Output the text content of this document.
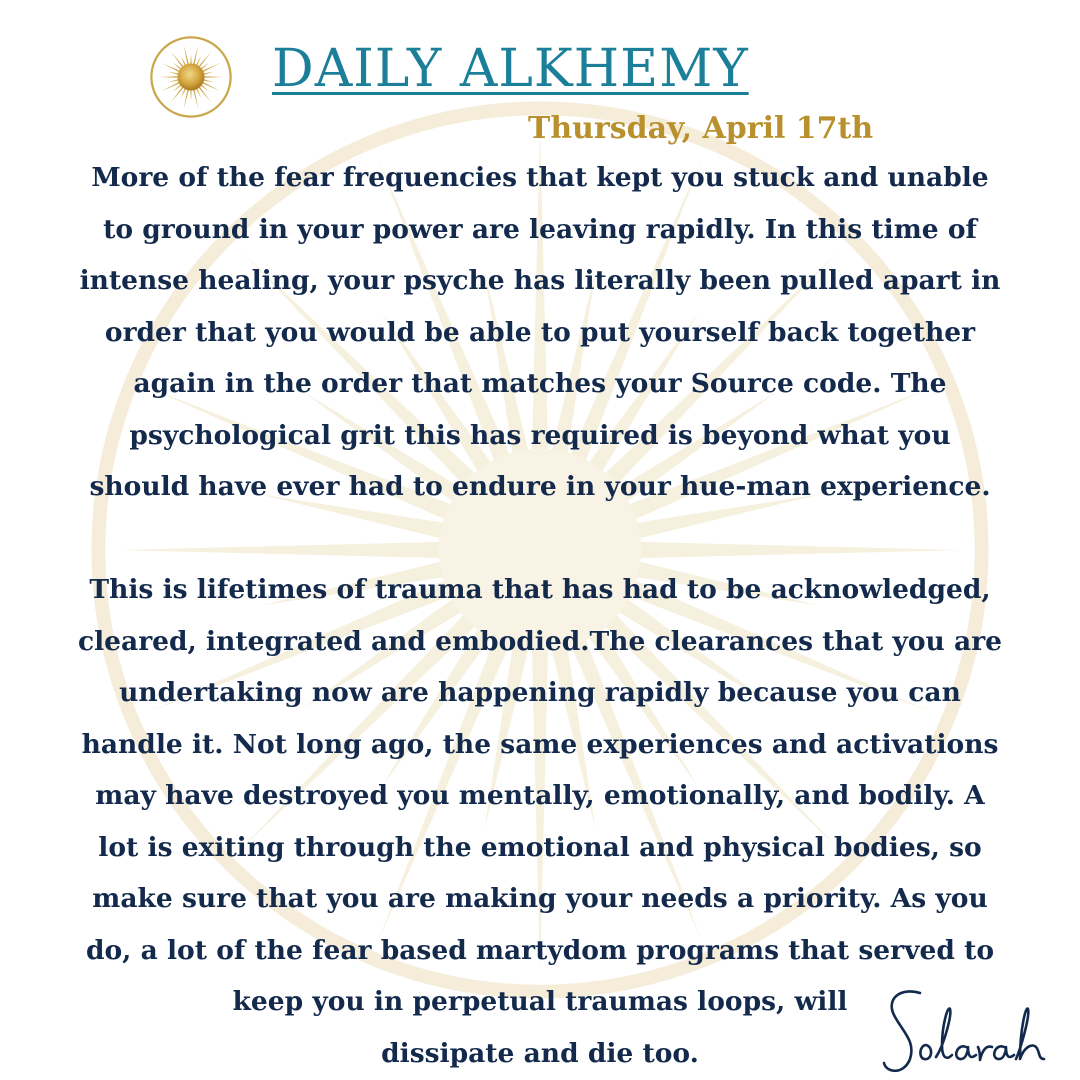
DAILY ALKHEMY
Thursday, April 17th
More of the fear frequencies that kept you stuck and unable
to ground in your power are leaving rapidly. In this time of
intense healing, your psyche has literally been pulled apart in
order that you would be able to put yourself back together
again in the order that matches your Source code. The
psychological grit this has required is beyond what you
should have ever had to endure in your hue-man experience.
This is lifetimes of trauma that has had to be acknowledged,
cleared, integrated and embodied.The clearances that you are
undertaking now are happening rapidly because you can
handle it. Not long ago, the same experiences and activations
may have destroyed you mentally, emotionally, and bodily. A
lot is exiting through the emotional and physical bodies, so
make sure that you are making your needs a priority. As you
do, a lot of the fear based martydom programs that served to
keep you in perpetual traumas loops, will
dissipate and die too.
